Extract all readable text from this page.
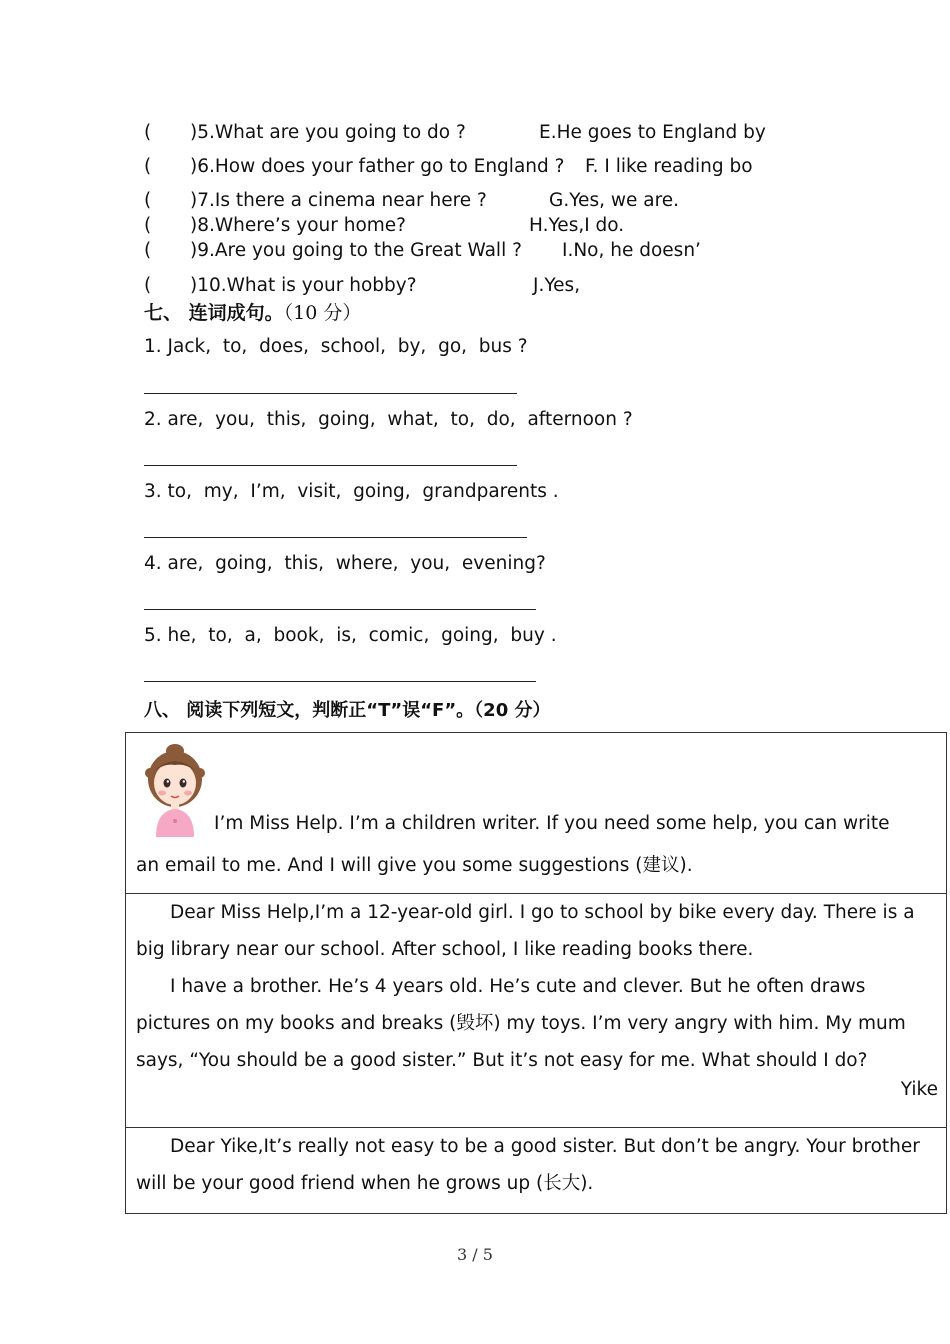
( )5.What are you going to do ?	E.He goes to England by
( )6.How does your father go to England ? F. I like reading bo
( )7.Is there a cinema near here ?	G.Yes, we are.
( )8.Where’s your home?	H.Yes,I do.
( )9.Are you going to the Great Wall ? I.No, he doesn’
( )10.What is your hobby?	J.Yes,
七、 连词成句。（10 分）
1. Jack,  to,  does,  school,  by,  go,  bus ?
2. are,  you,  this,  going,  what,  to,  do,  afternoon ?
3. to,  my,  I’m,  visit,  going,  grandparents .
4. are,  going,  this,  where,  you,  evening?
5. he,  to,  a,  book,  is,  comic,  going,  buy .
八、 阅读下列短文，判断正“T”误“F”。（20 分）
I’m Miss Help. I’m a children writer. If you need some help, you can write
an email to me. And I will give you some suggestions (建议).
Dear Miss Help,I’m a 12-year-old girl. I go to school by bike every day. There is a big library near our school. After school, I like reading books there.
I have a brother. He’s 4 years old. He’s cute and clever. But he often draws pictures on my books and breaks (毁坏) my toys. I’m very angry with him. My mum says, “You should be a good sister.” But it’s not easy for me. What should I do?
Yike
Dear Yike,It’s really not easy to be a good sister. But don’t be angry. Your brother will be your good friend when he grows up (长大).
3 / 5
